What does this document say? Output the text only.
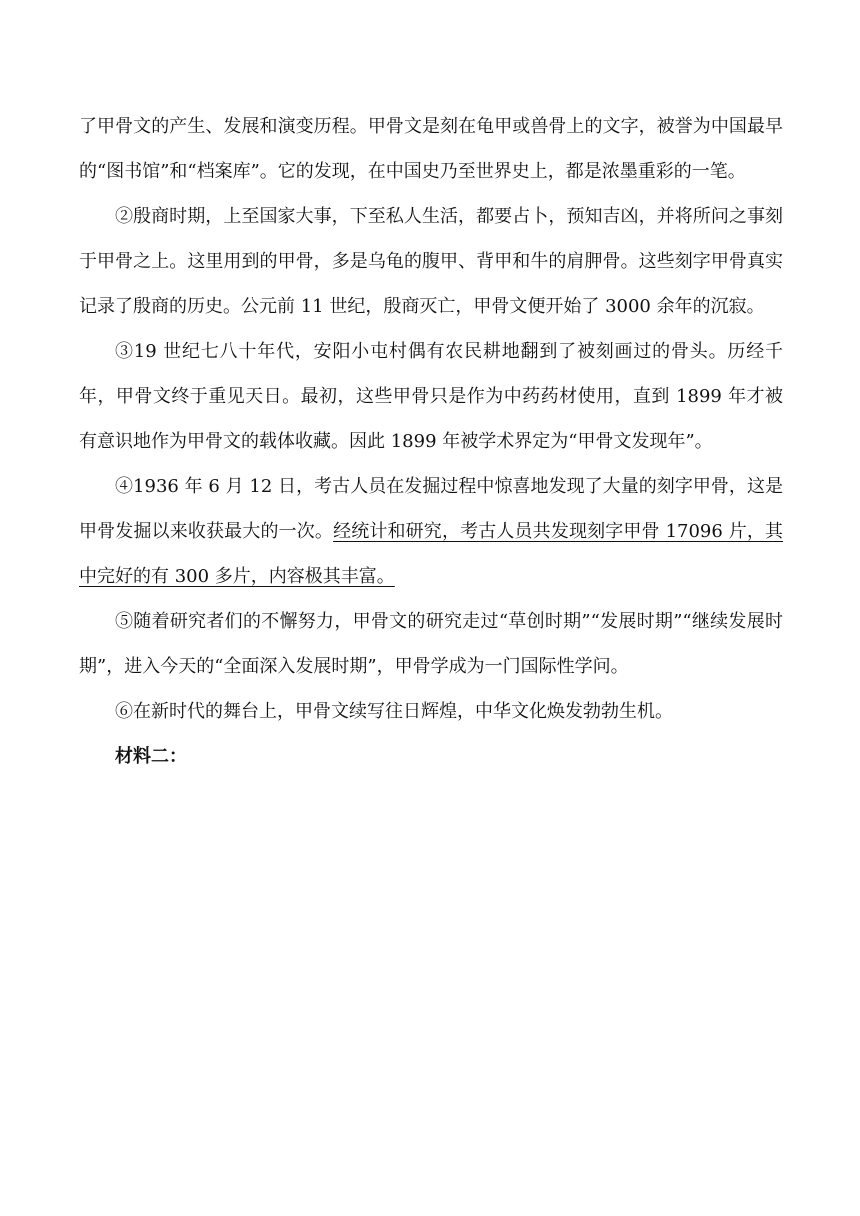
了甲骨文的产生、发展和演变历程。甲骨文是刻在龟甲或兽骨上的文字，被誉为中国最早的“图书馆”和“档案库”。它的发现，在中国史乃至世界史上，都是浓墨重彩的一笔。

②殷商时期，上至国家大事，下至私人生活，都要占卜，预知吉凶，并将所问之事刻于甲骨之上。这里用到的甲骨，多是乌龟的腹甲、背甲和牛的肩胛骨。这些刻字甲骨真实记录了殷商的历史。公元前 11 世纪，殷商灭亡，甲骨文便开始了 3000 余年的沉寂。

③19 世纪七八十年代，安阳小屯村偶有农民耕地翻到了被刻画过的骨头。历经千年，甲骨文终于重见天日。最初，这些甲骨只是作为中药药材使用，直到 1899 年才被有意识地作为甲骨文的载体收藏。因此 1899 年被学术界定为“甲骨文发现年”。

④1936 年 6 月 12 日，考古人员在发掘过程中惊喜地发现了大量的刻字甲骨，这是甲骨发掘以来收获最大的一次。经统计和研究，考古人员共发现刻字甲骨 17096 片，其中完好的有 300 多片，内容极其丰富。

⑤随着研究者们的不懈努力，甲骨文的研究走过“草创时期”“发展时期”“继续发展时期”，进入今天的“全面深入发展时期”，甲骨学成为一门国际性学问。

⑥在新时代的舞台上，甲骨文续写往日辉煌，中华文化焕发勃勃生机。

材料二：
